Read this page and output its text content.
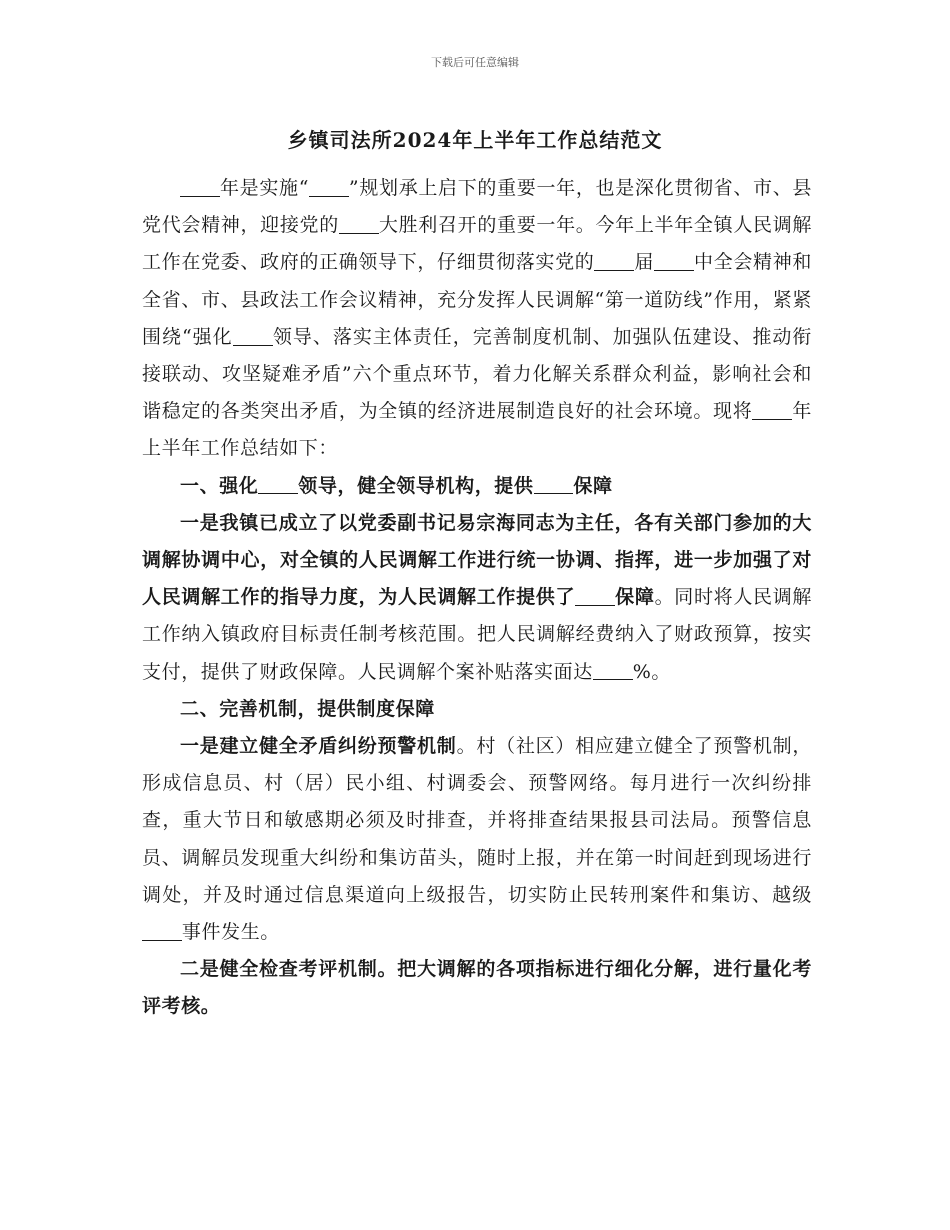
下载后可任意编辑
乡镇司法所2024年上半年工作总结范文

年是实施“ ”规划承上启下的重要一年，也是深化贯彻省、市、县党代会精神，迎接党的 大胜利召开的重要一年。今年上半年全镇人民调解工作在党委、政府的正确领导下，仔细贯彻落实党的 届 中全会精神和全省、市、县政法工作会议精神，充分发挥人民调解“第一道防线”作用，紧紧围绕“强化 领导、落实主体责任，完善制度机制、加强队伍建设、推动衔接联动、攻坚疑难矛盾”六个重点环节，着力化解关系群众利益，影响社会和谐稳定的各类突出矛盾，为全镇的经济进展制造良好的社会环境。现将 年上半年工作总结如下：

一、强化 领导，健全领导机构，提供 保障

一是我镇已成立了以党委副书记易宗海同志为主任，各有关部门参加的大调解协调中心，对全镇的人民调解工作进行统一协调、指挥，进一步加强了对人民调解工作的指导力度，为人民调解工作提供了 保障。同时将人民调解工作纳入镇政府目标责任制考核范围。把人民调解经费纳入了财政预算，按实支付，提供了财政保障。人民调解个案补贴落实面达 %。

二、完善机制，提供制度保障

一是建立健全矛盾纠纷预警机制。村（社区）相应建立健全了预警机制，形成信息员、村（居）民小组、村调委会、预警网络。每月进行一次纠纷排查，重大节日和敏感期必须及时排查，并将排查结果报县司法局。预警信息员、调解员发现重大纠纷和集访苗头，随时上报，并在第一时间赶到现场进行调处，并及时通过信息渠道向上级报告，切实防止民转刑案件和集访、越级事件发生。

二是健全检查考评机制。把大调解的各项指标进行细化分解，进行量化考评考核。
